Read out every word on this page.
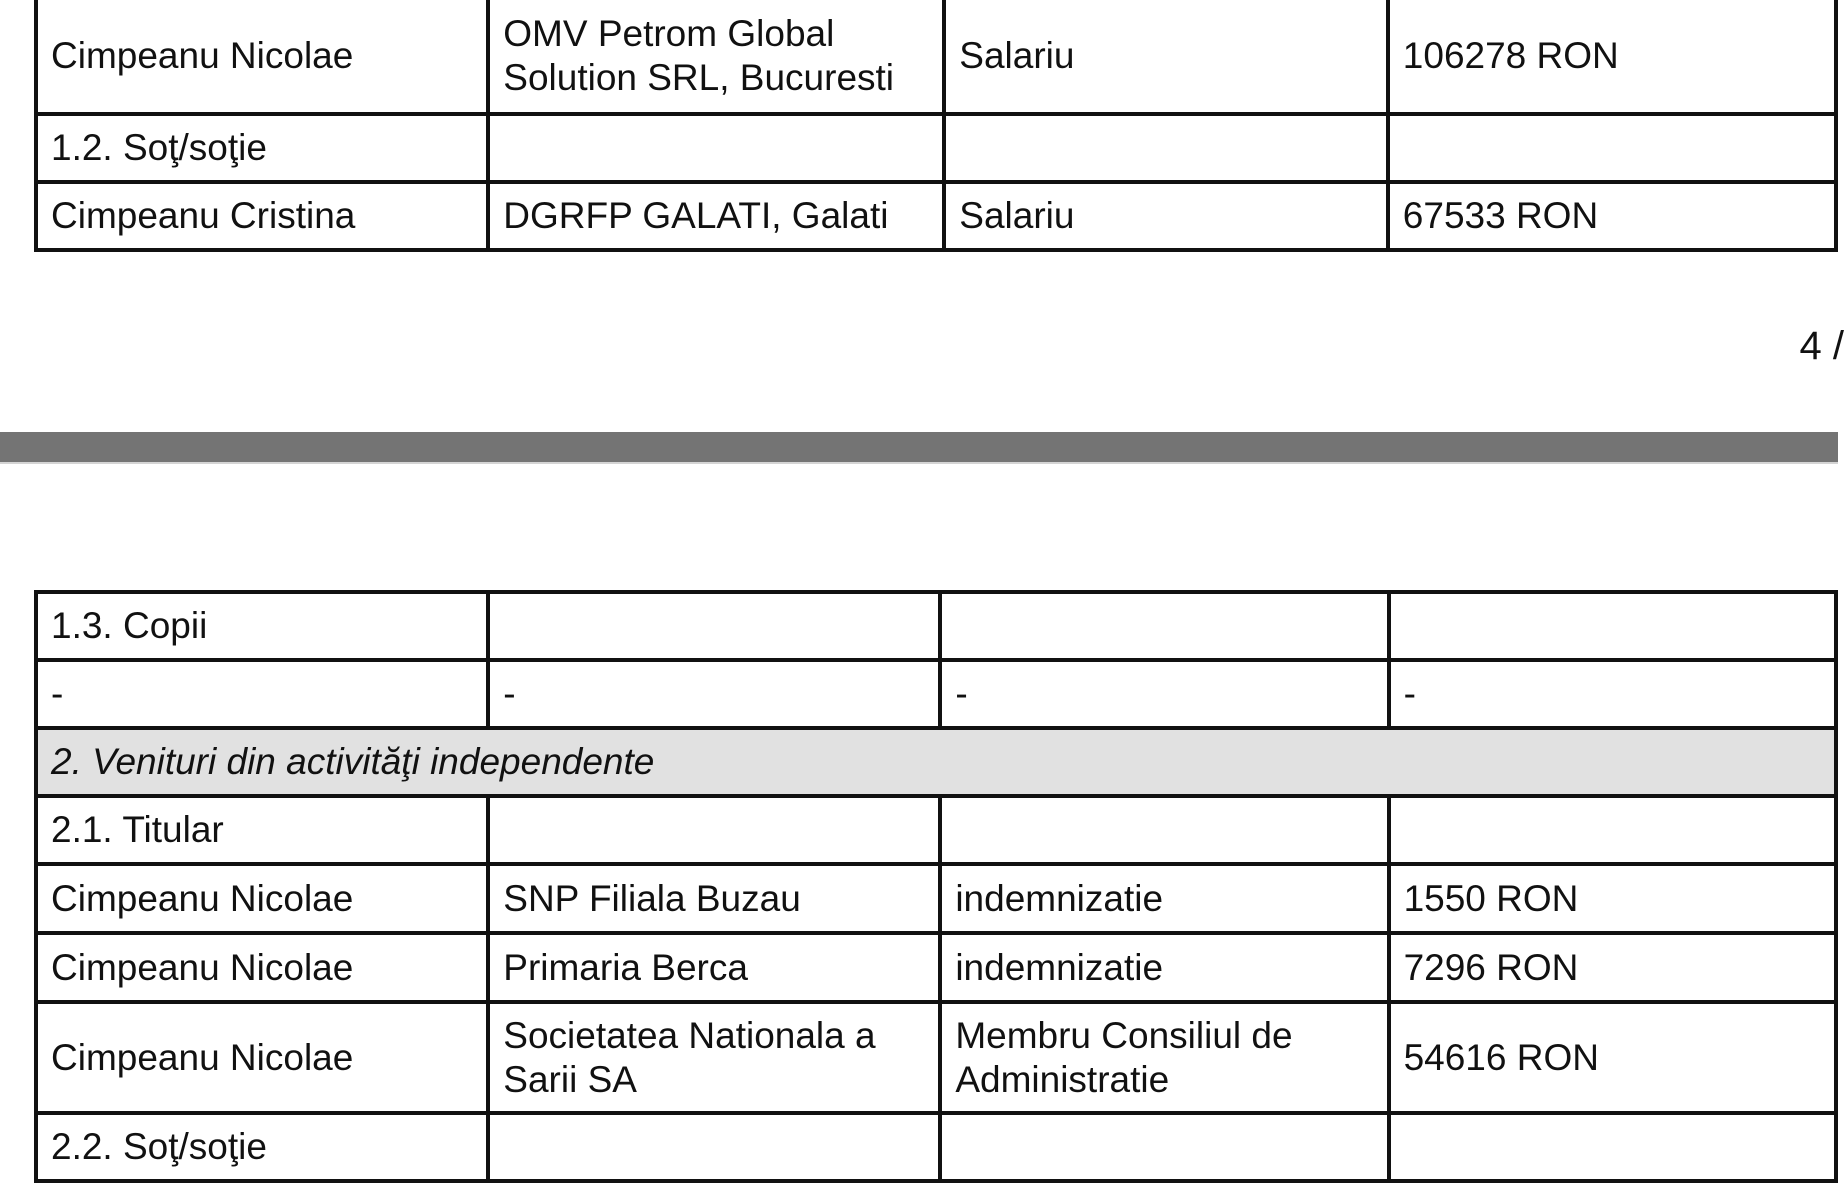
Cimpeanu Nicolae	OMV Petrom Global Solution SRL, Bucuresti	Salariu	106278 RON
1.2. Soţ/soţie			
Cimpeanu Cristina	DGRFP GALATI, Galati	Salariu	67533 RON
4 /
1.3. Copii			
-	-	-	-
2. Venituri din activităţi independente			
2.1. Titular			
Cimpeanu Nicolae	SNP Filiala Buzau	indemnizatie	1550 RON
Cimpeanu Nicolae	Primaria Berca	indemnizatie	7296 RON
Cimpeanu Nicolae	Societatea Nationala a Sarii SA	Membru Consiliul de Administratie	54616 RON
2.2. Soţ/soţie			
